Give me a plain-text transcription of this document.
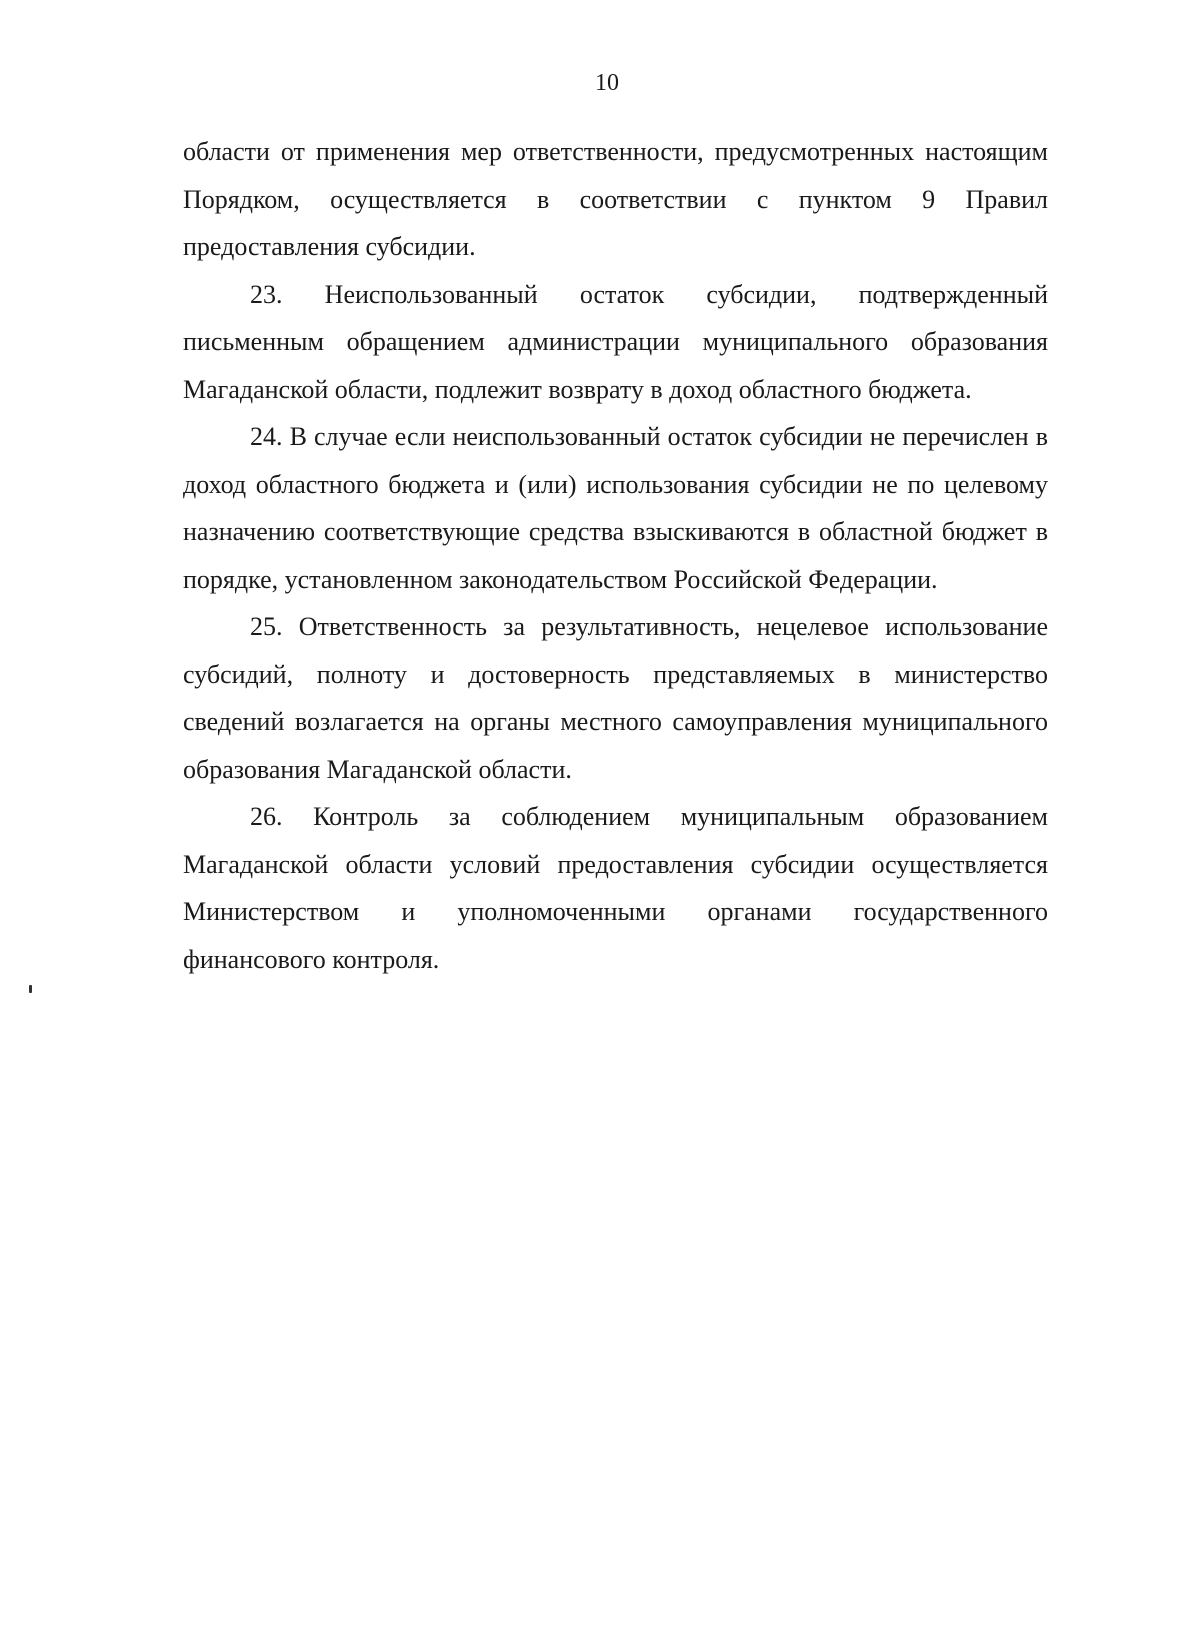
10

области от применения мер ответственности, предусмотренных настоящим Порядком, осуществляется в соответствии с пунктом 9 Правил предоставления субсидии.

23. Неиспользованный остаток субсидии, подтвержденный письменным обращением администрации муниципального образования Магаданской области, подлежит возврату в доход областного бюджета.

24. В случае если неиспользованный остаток субсидии не перечислен в доход областного бюджета и (или) использования субсидии не по целевому назначению соответствующие средства взыскиваются в областной бюджет в порядке, установленном законодательством Российской Федерации.

25. Ответственность за результативность, нецелевое использование субсидий, полноту и достоверность представляемых в министерство сведений возлагается на органы местного самоуправления муниципального образования Магаданской области.

26. Контроль за соблюдением муниципальным образованием Магаданской области условий предоставления субсидии осуществляется Министерством и уполномоченными органами государственного финансового контроля.
